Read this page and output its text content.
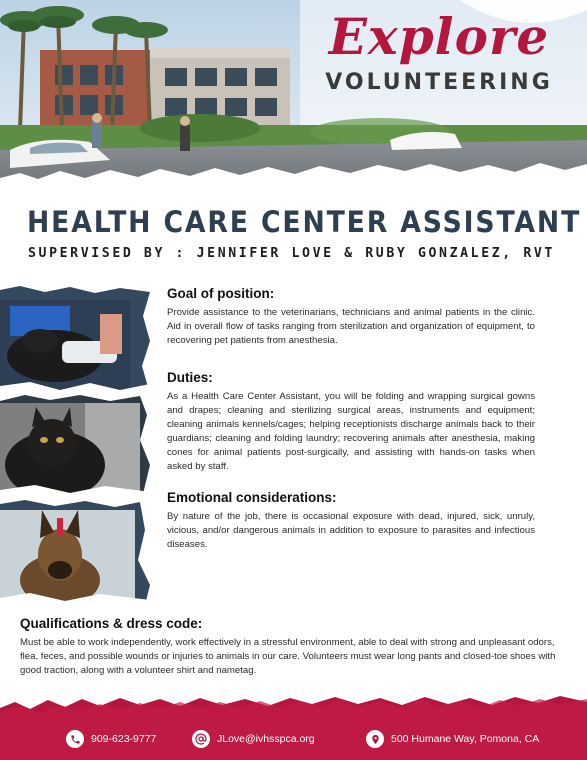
Explore
VOLUNTEERING
HEALTH CARE CENTER ASSISTANT
SUPERVISED BY : JENNIFER LOVE & RUBY GONZALEZ, RVT
Goal of position:

Provide assistance to the veterinarians, technicians and animal patients in the clinic. Aid in overall flow of tasks ranging from sterilization and organization of equipment, to recovering pet patients from anesthesia.

Duties:

As a Health Care Center Assistant, you will be folding and wrapping surgical gowns and drapes; cleaning and sterilizing surgical areas, instruments and equipment; cleaning animals kennels/cages; helping receptionists discharge animals back to their guardians; cleaning and folding laundry; recovering animals after anesthesia, making cones for animal patients post-surgically, and assisting with hands-on tasks when asked by staff.

Emotional considerations:

By nature of the job, there is occasional exposure with dead, injured, sick, unruly, vicious, and/or dangerous animals in addition to exposure to parasites and infectious diseases.

Qualifications & dress code:

Must be able to work independently, work effectively in a stressful environment, able to deal with strong and unpleasant odors, flea, feces, and possible wounds or injuries to animals in our care. Volunteers must wear long pants and closed-toe shoes with good traction, along with a volunteer shirt and nametag.

909-623-9777	JLove@ivhsspca.org	500 Humane Way, Pomona, CA
